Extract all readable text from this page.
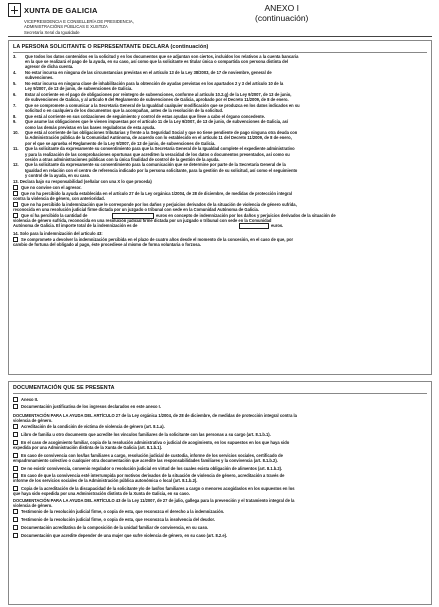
XUNTA DE GALICIA
VICEPRESIDENCIA E CONSELLERÍA DE PRESIDENCIA,
ADMINISTRACIÓNS PÚBLICAS E XUSTIZA
Secretaría Xeral da Igualdade
ANEXO I
(continuación)
LA PERSONA SOLICITANTE O REPRESENTANTE DECLARA (continuación)
3. Que todos los datos contenidos en la solicitud y en los documentos que se adjuntan son ciertos, incluidos los relativos a la cuenta bancaria
en la que se realizará el pago de la ayuda, en su caso, así como que la solicitante es titular única o compartida con persona distinta del
agresor de dicha cuenta.
4. No estar incursa en ninguna de las circunstancias previstas en el artículo 13 de la Ley 38/2003, de 17 de noviembre, general de
subvenciones.
5. No estar incursa en ninguna clase de inhabilitación para la obtención de ayudas previstas en los apartados 2 y 3 del artículo 10 de la
Ley 9/2007, de 13 de junio, de subvenciones de Galicia.
6. Estar al corriente en el pago de obligaciones por reintegro de subvenciones, conforme al artículo 10.2.g) de la Ley 9/2007, de 13 de junio,
de subvenciones de Galicia, y al artículo 9 del Reglamento de subvenciones de Galicia, aprobado por el Decreto 11/2009, de 8 de enero.
7. Que se compromete a comunicar a la Secretaría General de la Igualdad cualquier modificación que se produzca en los datos indicados en su
solicitud o en cualquiera de los documentos que la acompañan, antes de la resolución de la solicitud.
8. Que está al corriente en sus cotizaciones de seguimiento y control de estas ayudas que lleve a cabo el órgano concedente.
9. Que asume las obligaciones que le vienen impuestas por el artículo 11 de la Ley 9/2007, de 13 de junio, de subvenciones de Galicia, así
como las demás previstas en las bases reguladoras de esta ayuda.
10. Que está al corriente de las obligaciones tributarias y frente a la Seguridad Social y que no tiene pendiente de pago ninguna otra deuda con
la Administración pública de la Comunidad Autónoma, de acuerdo con lo establecido en el artículo 11 del Decreto 11/2009, de 8 de enero,
por el que se aprueba el Reglamento de la Ley 9/2007, de 13 de junio, de subvenciones de Galicia.
11. Que la solicitante da expresamente su consentimiento para que la Secretaría General de la Igualdad complete el expediente administrativo
y para la realización de las comprobaciones oportunas que acrediten la veracidad de los datos o documentos presentados, así como su
cesión a otras administraciones públicas con la única finalidad de control de la gestión de la ayuda.
12. Que la solicitante da expresamente su consentimiento para la comunicación que se determine por parte de la Secretaría General de la
Igualdad en relación con el centro de referencia indicado por la persona solicitante, para la gestión de su solicitud, así como el seguimiento
y control de la ayuda, en su caso.
13. Declara bajo su responsabilidad (señalar con una X lo que proceda)
Que no convive con el agresor.
Que no ha percibido la ayuda establecida en el artículo 27 de la Ley orgánica 1/2004, de 28 de diciembre, de medidas de protección integral
contra la violencia de género, con anterioridad.
Que no ha percibido la indemnización que le corresponde por los daños y perjuicios derivados de la situación de violencia de género sufrida,
reconocida en una resolución judicial firme dictada por un juzgado o tribunal con sede en la Comunidad Autónoma de Galicia.
Que sí ha percibido la cantidad de
violencia de género sufrida, reconocida en una resolución judicial firme dictada por un juzgado o tribunal con sede en la Comunidad
Autónoma de Galicia. El importe total de la indemnización es de
euros en concepto de indemnización por los daños y perjuicios derivados de la situación de
euros.
14. Solo para la indemnización del artículo 43:
Se compromete a devolver la indemnización percibida en el plazo de cuatro años desde el momento de la concesión, en el caso de que, por
cambio de fortuna del obligado al pago, éste procediese al mismo de forma voluntaria o forzosa.
DOCUMENTACIÓN QUE SE PRESENTA
Anexo II.
Documentación justificativa de los ingresos declarados en este anexo I.
DOCUMENTACIÓN PARA LA AYUDA DEL ARTÍCULO 27 de la Ley orgánica 1/2004, de 28 de diciembre, de medidas de protección integral contra la
violencia de género.
Acreditación de la condición de víctima de violencia de género (art. 8.1.a).
Libro de familia u otro documento que acredite los vínculos familiares de la solicitante con las personas a su cargo (art. 8.1.b.1).
En el caso de acogimiento familiar, copia de la resolución administrativa o judicial de acogimiento, en los supuestos en los que haya sido
expedida por una Administración distinta de la Xunta de Galicia (art. 8.1.b.1).
En caso de convivencia con los/las familiares a cargo, resolución judicial de custodia, informe de los servicios sociales, certificado de
empadronamiento colectivo o cualquier otra documentación que acredite las responsabilidades familiares y la convivencia (art. 8.1.b.2).
De no existir convivencia, convenio regulador o resolución judicial en virtud de los cuales exista obligación de alimentos (art. 8.1.b.2).
En caso de que la convivencia esté interrumpida por motivos derivados de la situación de violencia de género, acreditación a través de
informe de los servicios sociales de la Administración pública autonómica o local (art. 8.1.b.2).
Copia de la acreditación de la discapacidad de la solicitante y/o de las/los familiares a cargo o menores acogidas/os en los supuestos en los
que haya sido expedida por una Administración distinta de la Xunta de Galicia, en su caso.
DOCUMENTACIÓN PARA LA AYUDA DEL ARTÍCULO 43 de la Ley 11/2007, de 27 de julio, gallega para la prevención y el tratamiento integral de la
violencia de género.
Testimonio de la resolución judicial firme, o copia de esta, que reconozca el derecho a la indemnización.
Testimonio de la resolución judicial firme, o copia de esta, que reconozca la insolvencia del deudor.
Documentación acreditativa de la composición de la unidad familiar de convivencia, en su caso.
Documentación que acredite depender de una mujer que sufre violencia de género, en su caso (art. 8.2.e).
